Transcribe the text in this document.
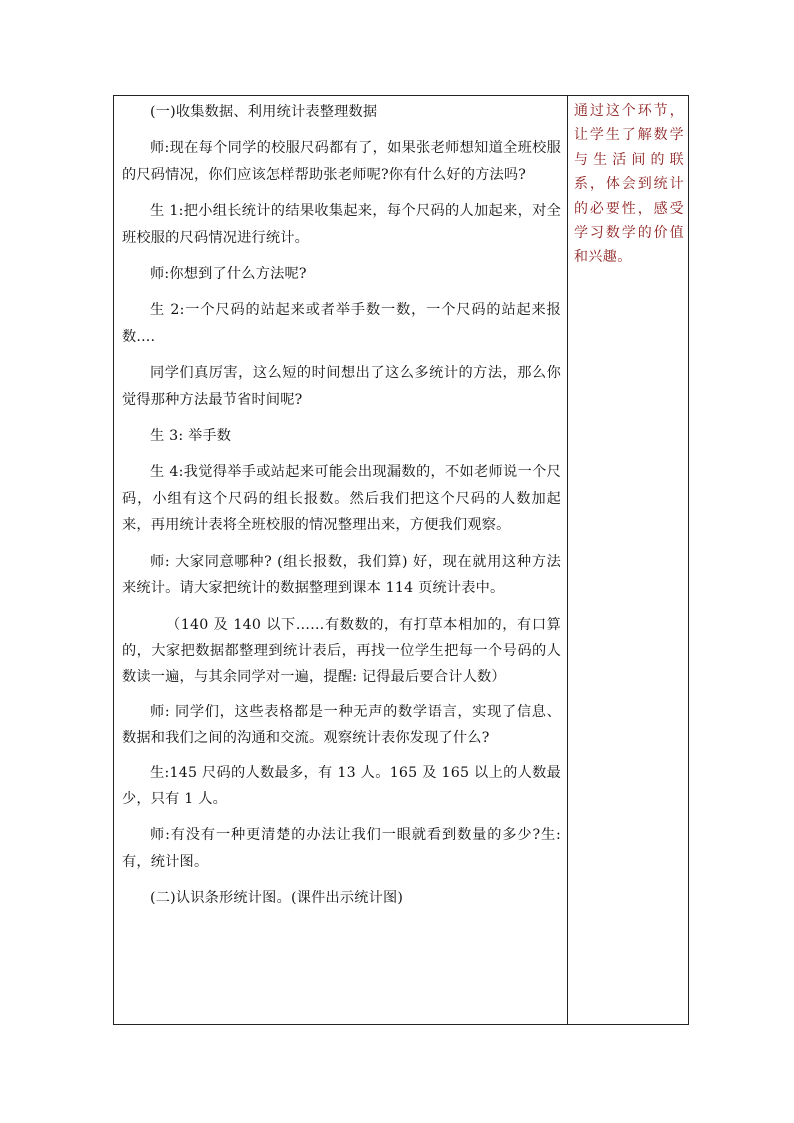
(一)收集数据、利用统计表整理数据

师:现在每个同学的校服尺码都有了，如果张老师想知道全班校服的尺码情况，你们应该怎样帮助张老师呢?你有什么好的方法吗?

生 1:把小组长统计的结果收集起来，每个尺码的人加起来，对全班校服的尺码情况进行统计。

师:你想到了什么方法呢?

生 2:一个尺码的站起来或者举手数一数，一个尺码的站起来报数....

同学们真厉害，这么短的时间想出了这么多统计的方法，那么你觉得那种方法最节省时间呢?

生 3: 举手数

生 4:我觉得举手或站起来可能会出现漏数的，不如老师说一个尺码，小组有这个尺码的组长报数。然后我们把这个尺码的人数加起来，再用统计表将全班校服的情况整理出来，方便我们观察。

师: 大家同意哪种? (组长报数，我们算) 好，现在就用这种方法来统计。请大家把统计的数据整理到课本 114 页统计表中。

（140 及 140 以下……有数数的，有打草本相加的，有口算的，大家把数据都整理到统计表后，再找一位学生把每一个号码的人数读一遍，与其余同学对一遍，提醒: 记得最后要合计人数）

师: 同学们，这些表格都是一种无声的数学语言，实现了信息、数据和我们之间的沟通和交流。观察统计表你发现了什么?

生:145 尺码的人数最多，有 13 人。165 及 165 以上的人数最少，只有 1 人。

师:有没有一种更清楚的办法让我们一眼就看到数量的多少?生:有，统计图。

(二)认识条形统计图。(课件出示统计图)

通过这个环节，让学生了解数学与生活间的联系，体会到统计的必要性，感受学习数学的价值和兴趣。
